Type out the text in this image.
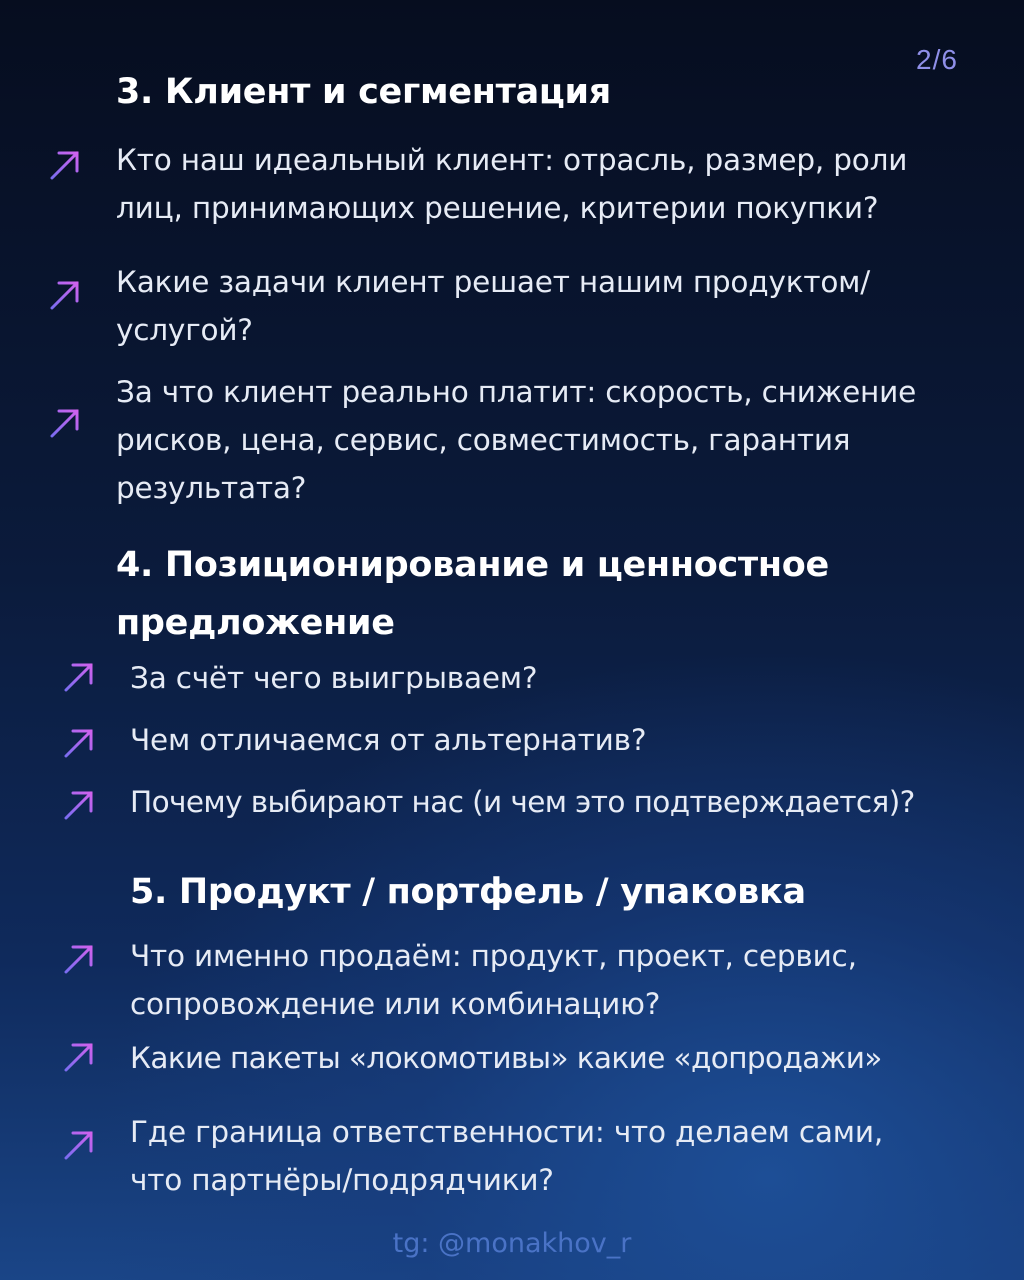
2/6
3. Клиент и сегментация

Кто наш идеальный клиент: отрасль, размер, роли

лиц, принимающих решение, критерии покупки?

Какие задачи клиент решает нашим продуктом/

услугой?

За что клиент реально платит: скорость, снижение

рисков, цена, сервис, совместимость, гарантия

результата?

4. Позиционирование и ценностное

предложение

За счёт чего выигрываем?

Чем отличаемся от альтернатив?

Почему выбирают нас (и чем это подтверждается)?

5. Продукт / портфель / упаковка

Что именно продаём: продукт, проект, сервис,

сопровождение или комбинацию?

Какие пакеты «локомотивы» какие «допродажи»

Где граница ответственности: что делаем сами,

что партнёры/подрядчики?

tg: @monakhov_r
